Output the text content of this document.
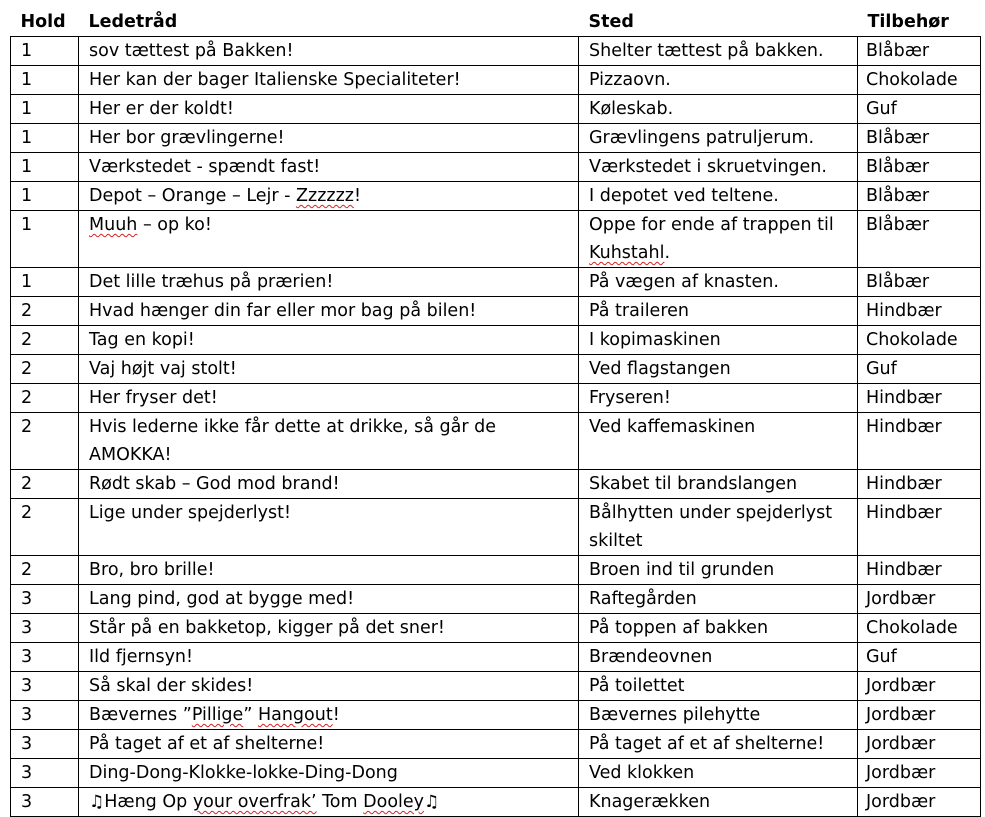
Hold	Ledetråd	Sted	Tilbehør
1	sov tættest på Bakken!	Shelter tættest på bakken.	Blåbær
1	Her kan der bager Italienske Specialiteter!	Pizzaovn.	Chokolade
1	Her er der koldt!	Køleskab.	Guf
1	Her bor grævlingerne!	Grævlingens patruljerum.	Blåbær
1	Værkstedet - spændt fast!	Værkstedet i skruetvingen.	Blåbær
1	Depot – Orange – Lejr - Zzzzzz!	I depotet ved teltene.	Blåbær
1	Muuh – op ko!	Oppe for ende af trappen til Kuhstahl.	Blåbær
1	Det lille træhus på prærien!	På vægen af knasten.	Blåbær
2	Hvad hænger din far eller mor bag på bilen!	På traileren	Hindbær
2	Tag en kopi!	I kopimaskinen	Chokolade
2	Vaj højt vaj stolt!	Ved flagstangen	Guf
2	Her fryser det!	Fryseren!	Hindbær
2	Hvis lederne ikke får dette at drikke, så går de AMOKKA!	Ved kaffemaskinen	Hindbær
2	Rødt skab – God mod brand!	Skabet til brandslangen	Hindbær
2	Lige under spejderlyst!	Bålhytten under spejderlyst skiltet	Hindbær
2	Bro, bro brille!	Broen ind til grunden	Hindbær
3	Lang pind, god at bygge med!	Raftegården	Jordbær
3	Står på en bakketop, kigger på det sner!	På toppen af bakken	Chokolade
3	Ild fjernsyn!	Brændeovnen	Guf
3	Så skal der skides!	På toilettet	Jordbær
3	Bævernes ”Pillige” Hangout!	Bævernes pilehytte	Jordbær
3	På taget af et af shelterne!	På taget af et af shelterne!	Jordbær
3	Ding-Dong-Klokke-lokke-Ding-Dong	Ved klokken	Jordbær
3	♫Hæng Op your overfrak’ Tom Dooley♫	Knagerækken	Jordbær
